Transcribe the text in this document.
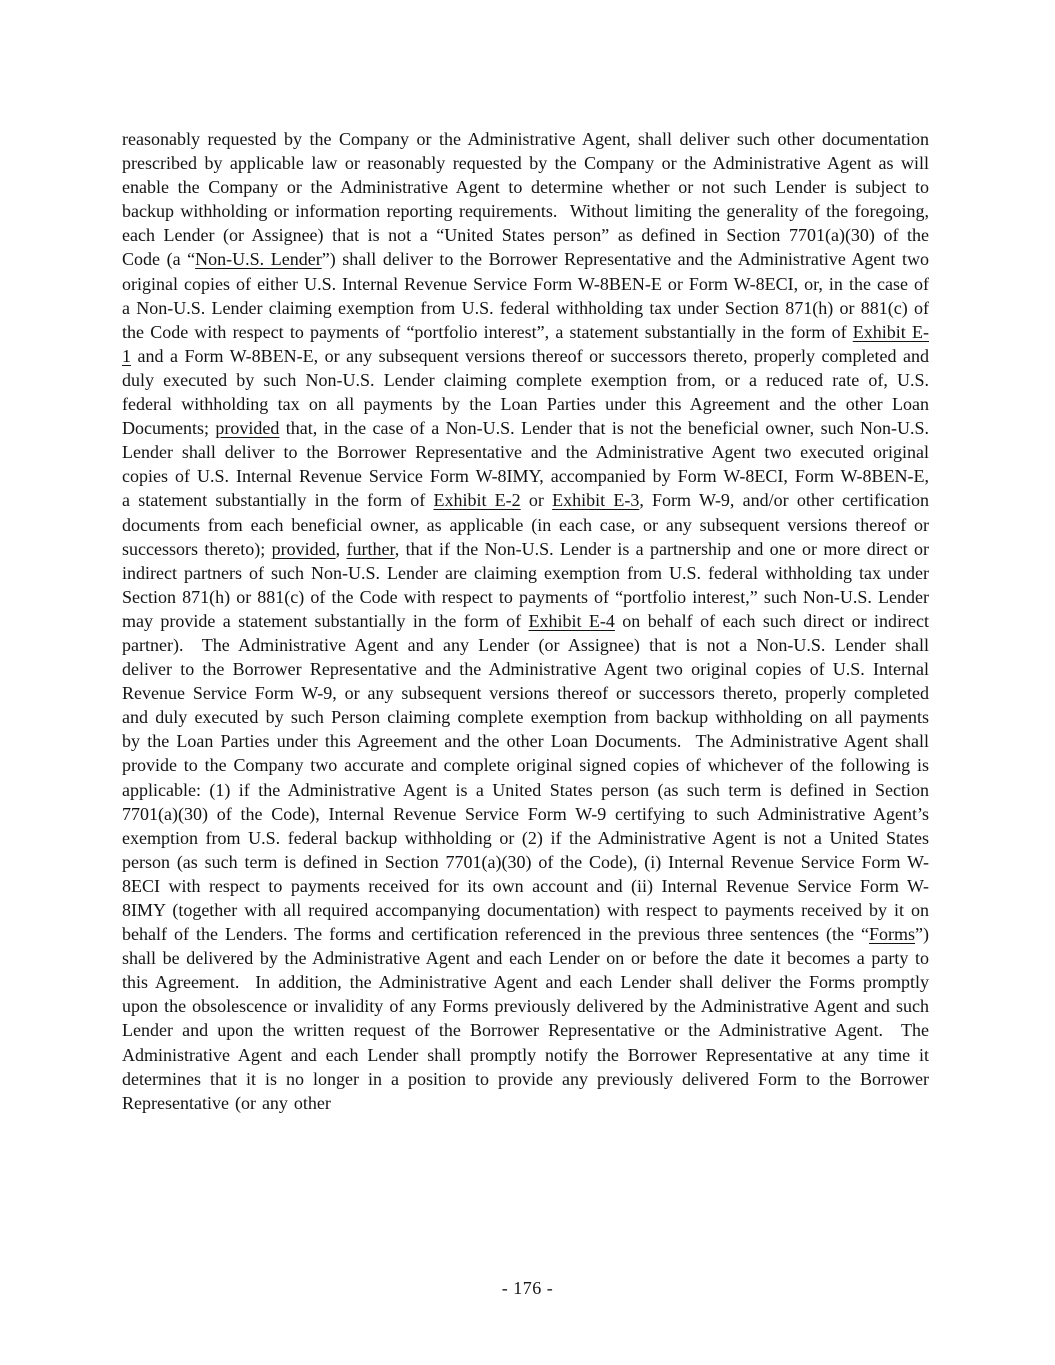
reasonably requested by the Company or the Administrative Agent, shall deliver such other documentation prescribed by applicable law or reasonably requested by the Company or the Administrative Agent as will enable the Company or the Administrative Agent to determine whether or not such Lender is subject to backup withholding or information reporting requirements.  Without limiting the generality of the foregoing, each Lender (or Assignee) that is not a “United States person” as defined in Section 7701(a)(30) of the Code (a “Non-U.S. Lender”) shall deliver to the Borrower Representative and the Administrative Agent two original copies of either U.S. Internal Revenue Service Form W-8BEN-E or Form W-8ECI, or, in the case of a Non-U.S. Lender claiming exemption from U.S. federal withholding tax under Section 871(h) or 881(c) of the Code with respect to payments of “portfolio interest”, a statement substantially in the form of Exhibit E-1 and a Form W-8BEN-E, or any subsequent versions thereof or successors thereto, properly completed and duly executed by such Non-U.S. Lender claiming complete exemption from, or a reduced rate of, U.S. federal withholding tax on all payments by the Loan Parties under this Agreement and the other Loan Documents; provided that, in the case of a Non-U.S. Lender that is not the beneficial owner, such Non-U.S. Lender shall deliver to the Borrower Representative and the Administrative Agent two executed original copies of U.S. Internal Revenue Service Form W-8IMY, accompanied by Form W-8ECI, Form W-8BEN-E, a statement substantially in the form of Exhibit E-2 or Exhibit E-3, Form W-9, and/or other certification documents from each beneficial owner, as applicable (in each case, or any subsequent versions thereof or successors thereto); provided, further, that if the Non-U.S. Lender is a partnership and one or more direct or indirect partners of such Non-U.S. Lender are claiming exemption from U.S. federal withholding tax under Section 871(h) or 881(c) of the Code with respect to payments of “portfolio interest,” such Non-U.S. Lender may provide a statement substantially in the form of Exhibit E-4 on behalf of each such direct or indirect partner).  The Administrative Agent and any Lender (or Assignee) that is not a Non-U.S. Lender shall deliver to the Borrower Representative and the Administrative Agent two original copies of U.S. Internal Revenue Service Form W-9, or any subsequent versions thereof or successors thereto, properly completed and duly executed by such Person claiming complete exemption from backup withholding on all payments by the Loan Parties under this Agreement and the other Loan Documents.  The Administrative Agent shall provide to the Company two accurate and complete original signed copies of whichever of the following is applicable: (1) if the Administrative Agent is a United States person (as such term is defined in Section 7701(a)(30) of the Code), Internal Revenue Service Form W-9 certifying to such Administrative Agent’s exemption from U.S. federal backup withholding or (2) if the Administrative Agent is not a United States person (as such term is defined in Section 7701(a)(30) of the Code), (i) Internal Revenue Service Form W-8ECI with respect to payments received for its own account and (ii) Internal Revenue Service Form W-8IMY (together with all required accompanying documentation) with respect to payments received by it on behalf of the Lenders. The forms and certification referenced in the previous three sentences (the “Forms”) shall be delivered by the Administrative Agent and each Lender on or before the date it becomes a party to this Agreement.  In addition, the Administrative Agent and each Lender shall deliver the Forms promptly upon the obsolescence or invalidity of any Forms previously delivered by the Administrative Agent and such Lender and upon the written request of the Borrower Representative or the Administrative Agent.  The Administrative Agent and each Lender shall promptly notify the Borrower Representative at any time it determines that it is no longer in a position to provide any previously delivered Form to the Borrower Representative (or any other
- 176 -
